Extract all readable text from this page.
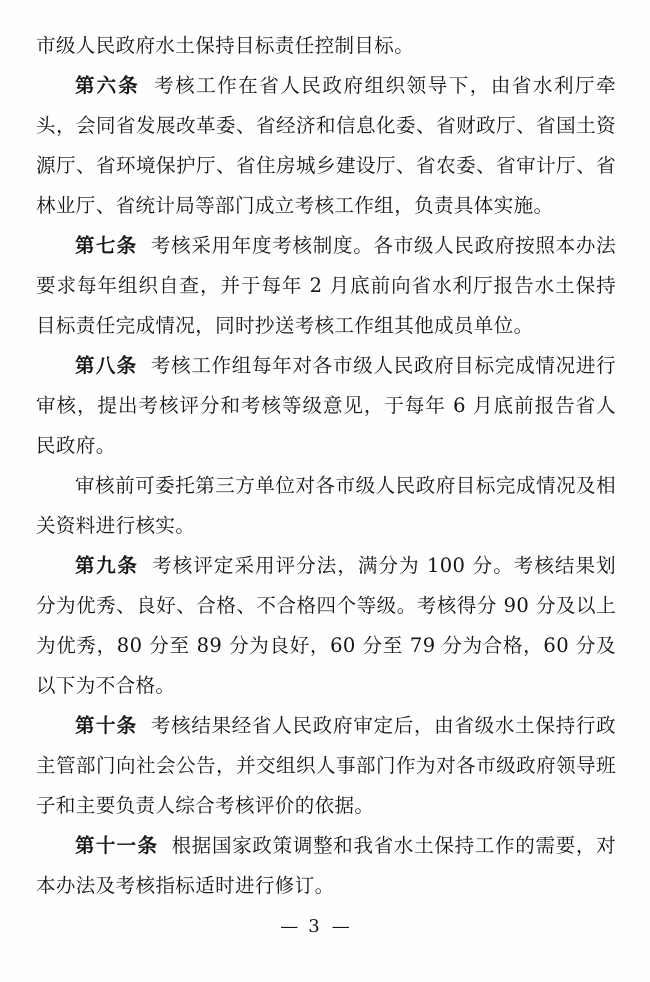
市级人民政府水土保持目标责任控制目标。

第六条 考核工作在省人民政府组织领导下，由省水利厅牵头，会同省发展改革委、省经济和信息化委、省财政厅、省国土资源厅、省环境保护厅、省住房城乡建设厅、省农委、省审计厅、省林业厅、省统计局等部门成立考核工作组，负责具体实施。

第七条 考核采用年度考核制度。各市级人民政府按照本办法要求每年组织自查，并于每年 2 月底前向省水利厅报告水土保持目标责任完成情况，同时抄送考核工作组其他成员单位。

第八条 考核工作组每年对各市级人民政府目标完成情况进行审核，提出考核评分和考核等级意见，于每年 6 月底前报告省人民政府。

审核前可委托第三方单位对各市级人民政府目标完成情况及相关资料进行核实。

第九条 考核评定采用评分法，满分为 100 分。考核结果划分为优秀、良好、合格、不合格四个等级。考核得分 90 分及以上为优秀，80 分至 89 分为良好，60 分至 79 分为合格，60 分及以下为不合格。

第十条 考核结果经省人民政府审定后，由省级水土保持行政主管部门向社会公告，并交组织人事部门作为对各市级政府领导班子和主要负责人综合考核评价的依据。

第十一条 根据国家政策调整和我省水土保持工作的需要，对本办法及考核指标适时进行修订。

— 3 —
